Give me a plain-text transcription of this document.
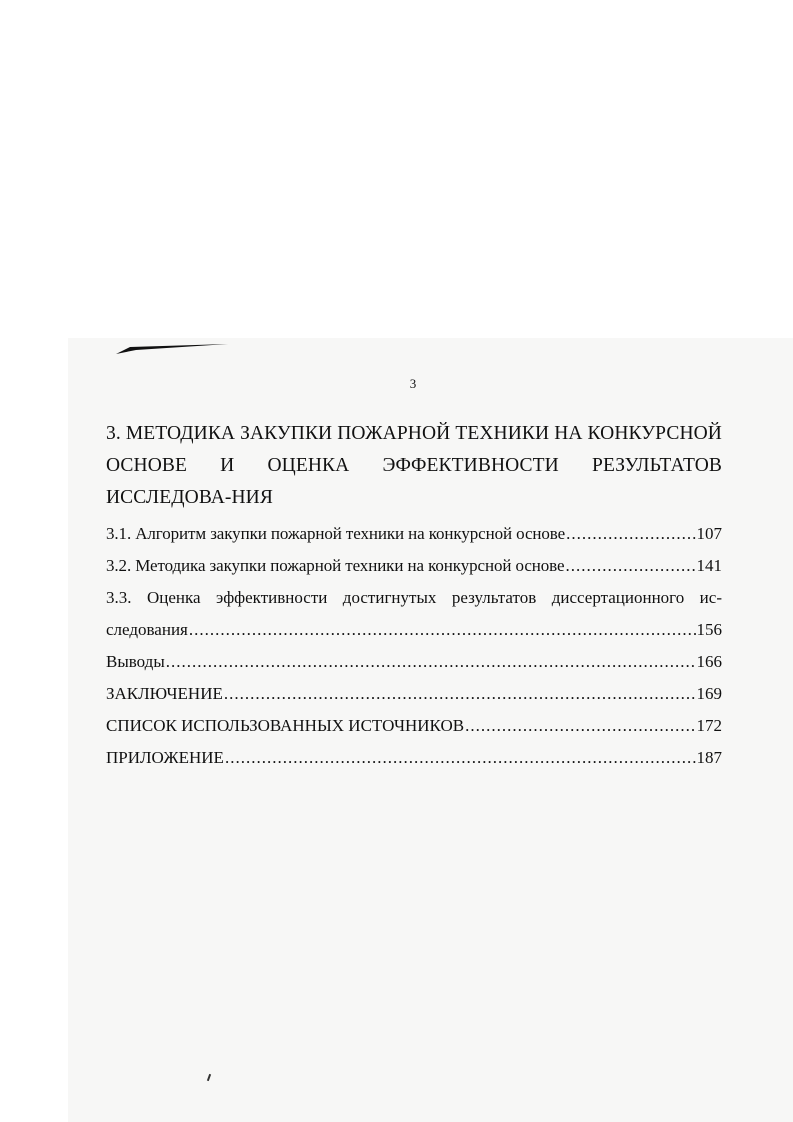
3
3. МЕТОДИКА ЗАКУПКИ ПОЖАРНОЙ ТЕХНИКИ НА КОНКУРСНОЙ ОСНОВЕ И ОЦЕНКА ЭФФЕКТИВНОСТИ РЕЗУЛЬТАТОВ ИССЛЕДОВА-НИЯ
3.1. Алгоритм закупки пожарной техники на конкурсной основе .....	107
3.2. Методика закупки пожарной техники на конкурсной основе .....	141
3.3. Оценка эффективности достигнутых результатов диссертационного ис-
следования .....	156
Выводы .....	166
ЗАКЛЮЧЕНИЕ .....	169
СПИСОК ИСПОЛЬЗОВАННЫХ ИСТОЧНИКОВ .....	172
ПРИЛОЖЕНИЕ .....	187
